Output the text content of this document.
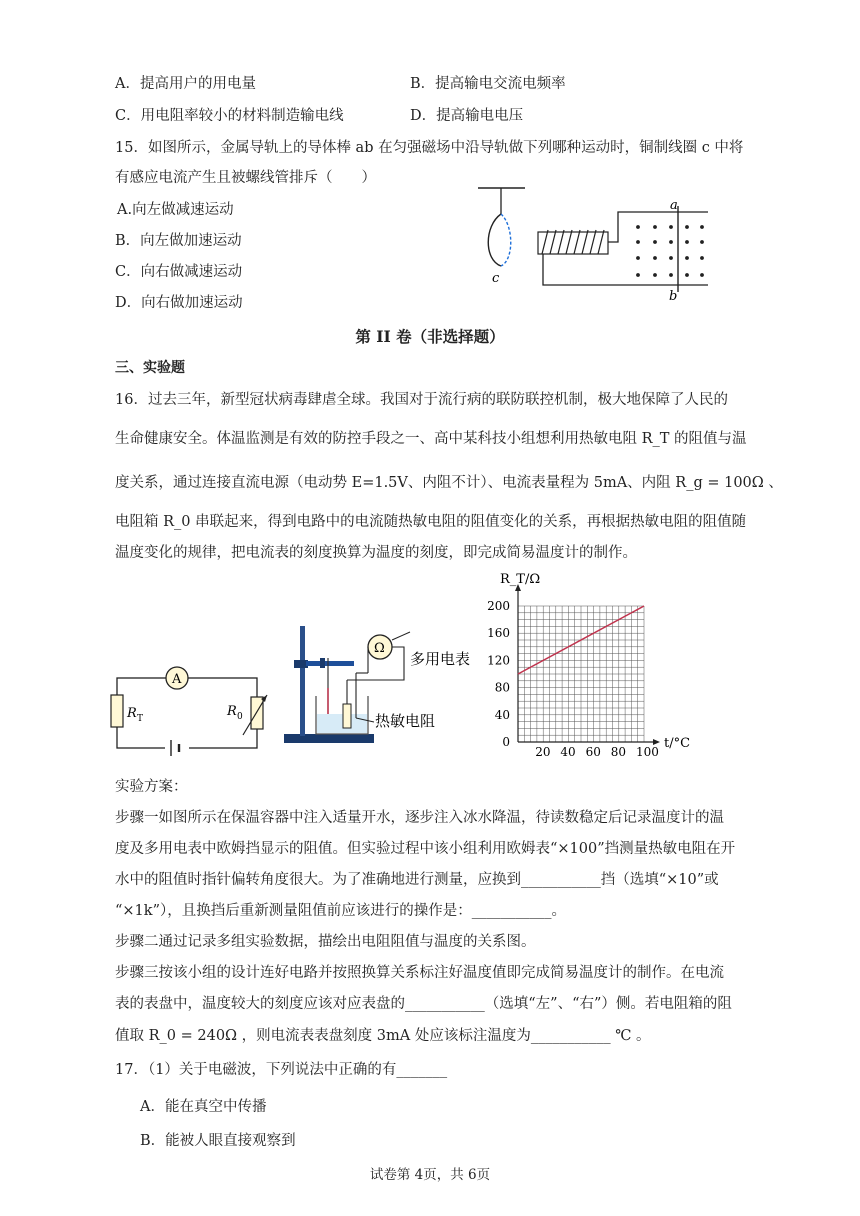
A．提高用户的用电量	B．提高输电交流电频率
C．用电阻率较小的材料制造输电线	D．提高输电电压
15．如图所示，金属导轨上的导体棒 ab 在匀强磁场中沿导轨做下列哪种运动时，铜制线圈 c 中将
有感应电流产生且被螺线管排斥（　　）
A.向左做减速运动
B．向左做加速运动
C．向右做减速运动
D．向右做加速运动
c
a
b
第 II 卷（非选择题）
三、实验题
16．过去三年，新型冠状病毒肆虐全球。我国对于流行病的联防联控机制，极大地保障了人民的
生命健康安全。体温监测是有效的防控手段之一、高中某科技小组想利用热敏电阻 R_T 的阻值与温
度关系，通过连接直流电源（电动势 E=1.5V、内阻不计）、电流表量程为 5mA、内阻 R_g = 100Ω 、
电阻箱 R_0 串联起来，得到电路中的电流随热敏电阻的阻值变化的关系，再根据热敏电阻的阻值随
温度变化的规律，把电流表的刻度换算为温度的刻度，即完成简易温度计的制作。
A
R T	R 0
Ω
多用电表
热敏电阻
20 40 60 80 100
0
40
80
120
160
200
R_T/Ω
t/°C
实验方案：
步骤一如图所示在保温容器中注入适量开水，逐步注入冰水降温，待读数稳定后记录温度计的温
度及多用电表中欧姆挡显示的阻值。但实验过程中该小组利用欧姆表“×100”挡测量热敏电阻在开
水中的阻值时指针偏转角度很大。为了准确地进行测量，应换到___________挡（选填“×10”或
“×1k”），且换挡后重新测量阻值前应该进行的操作是：___________。
步骤二通过记录多组实验数据，描绘出电阻阻值与温度的关系图。
步骤三按该小组的设计连好电路并按照换算关系标注好温度值即完成简易温度计的制作。在电流
表的表盘中，温度较大的刻度应该对应表盘的___________（选填“左”、“右”）侧。若电阻箱的阻
值取 R_0 = 240Ω ，则电流表表盘刻度 3mA 处应该标注温度为___________ ℃ 。
17．（1）关于电磁波，下列说法中正确的有_______
A．能在真空中传播
B．能被人眼直接观察到
试卷第 4页，共 6页
